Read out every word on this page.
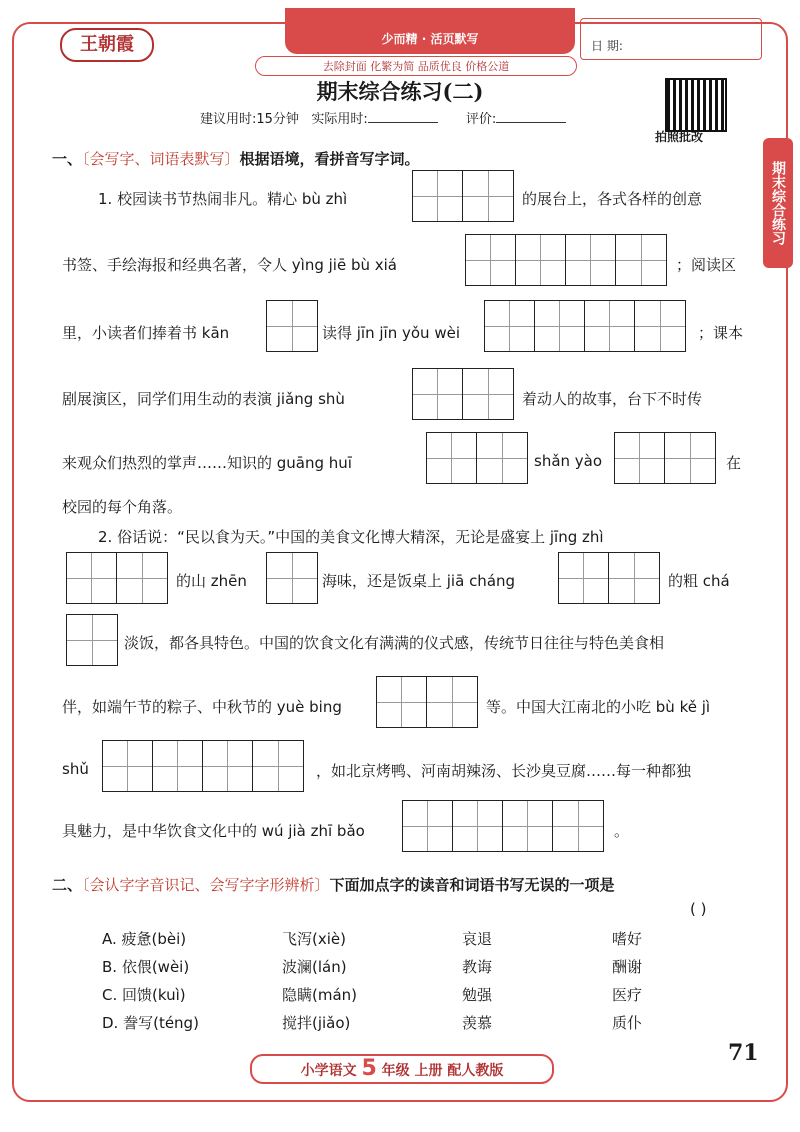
少而精 · 活页默写
去除封面 化繁为简 品质优良 价格公道
王朝霞	日 期:
期末综合练习(二)
建议用时:15分钟 实际用时:	评价:
拍照批改
期末综合练习
一、〔会写字、词语表默写〕根据语境，看拼音写字词。
1. 校园读书节热闹非凡。精心 bù zhì	的展台上，各式各样的创意
书签、手绘海报和经典名著，令人 yìng jiē bù xiá	；阅读区
里，小读者们捧着书 kān	读得 jīn jīn yǒu wèi	；课本
剧展演区，同学们用生动的表演 jiǎng shù	着动人的故事，台下不时传
来观众们热烈的掌声……知识的 guāng huī	shǎn yào	在
校园的每个角落。
2. 俗话说：“民以食为天。”中国的美食文化博大精深，无论是盛宴上 jīng zhì
的山 zhēn	海味，还是饭桌上 jiā cháng	的粗 chá
淡饭，都各具特色。中国的饮食文化有满满的仪式感，传统节日往往与特色美食相
伴，如端午节的粽子、中秋节的 yuè bing	等。中国大江南北的小吃 bù kě jì
shǔ	，如北京烤鸭、河南胡辣汤、长沙臭豆腐……每一种都独
具魅力，是中华饮食文化中的 wú jià zhī bǎo	。
二、〔会认字字音识记、会写字字形辨析〕下面加点字的读音和词语书写无误的一项是
( )
A. 疲惫(bèi)	飞泻(xiè)	哀退	嗜好
B. 依偎(wèi)	波澜(lán)	教诲	酬谢
C. 回馈(kuì)	隐瞒(mán)	勉强	医疗
D. 誊写(téng)	搅拌(jiǎo)	羡慕	质仆
小学语文 5 年级 上册 配人教版
71
